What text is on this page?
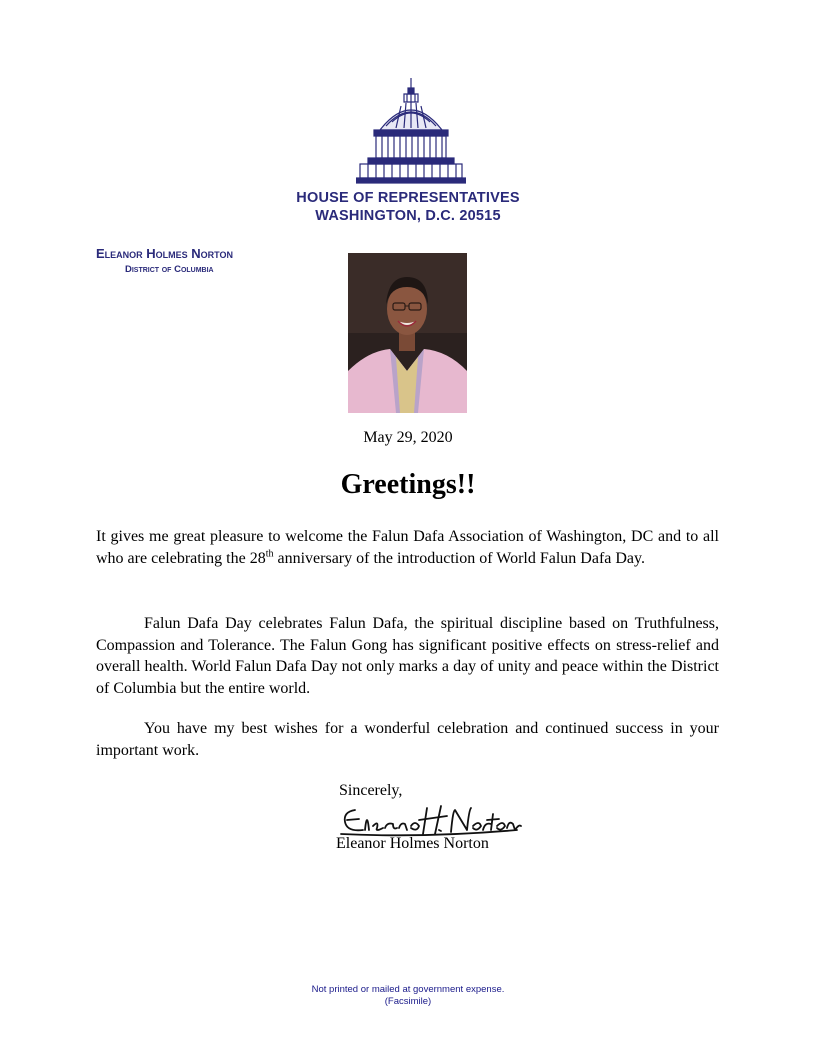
HOUSE OF REPRESENTATIVES
WASHINGTON, D.C. 20515
Eleanor Holmes Norton
District of Columbia
May 29, 2020
Greetings!!
It gives me great pleasure to welcome the Falun Dafa Association of Washington, DC and to all who are celebrating the 28th anniversary of the introduction of World Falun Dafa Day.
Falun Dafa Day celebrates Falun Dafa, the spiritual discipline based on Truthfulness, Compassion and Tolerance. The Falun Gong has significant positive effects on stress-relief and overall health. World Falun Dafa Day not only marks a day of unity and peace within the District of Columbia but the entire world.
You have my best wishes for a wonderful celebration and continued success in your important work.
Sincerely,
Eleanor Holmes Norton
Not printed or mailed at government expense.
(Facsimile)
